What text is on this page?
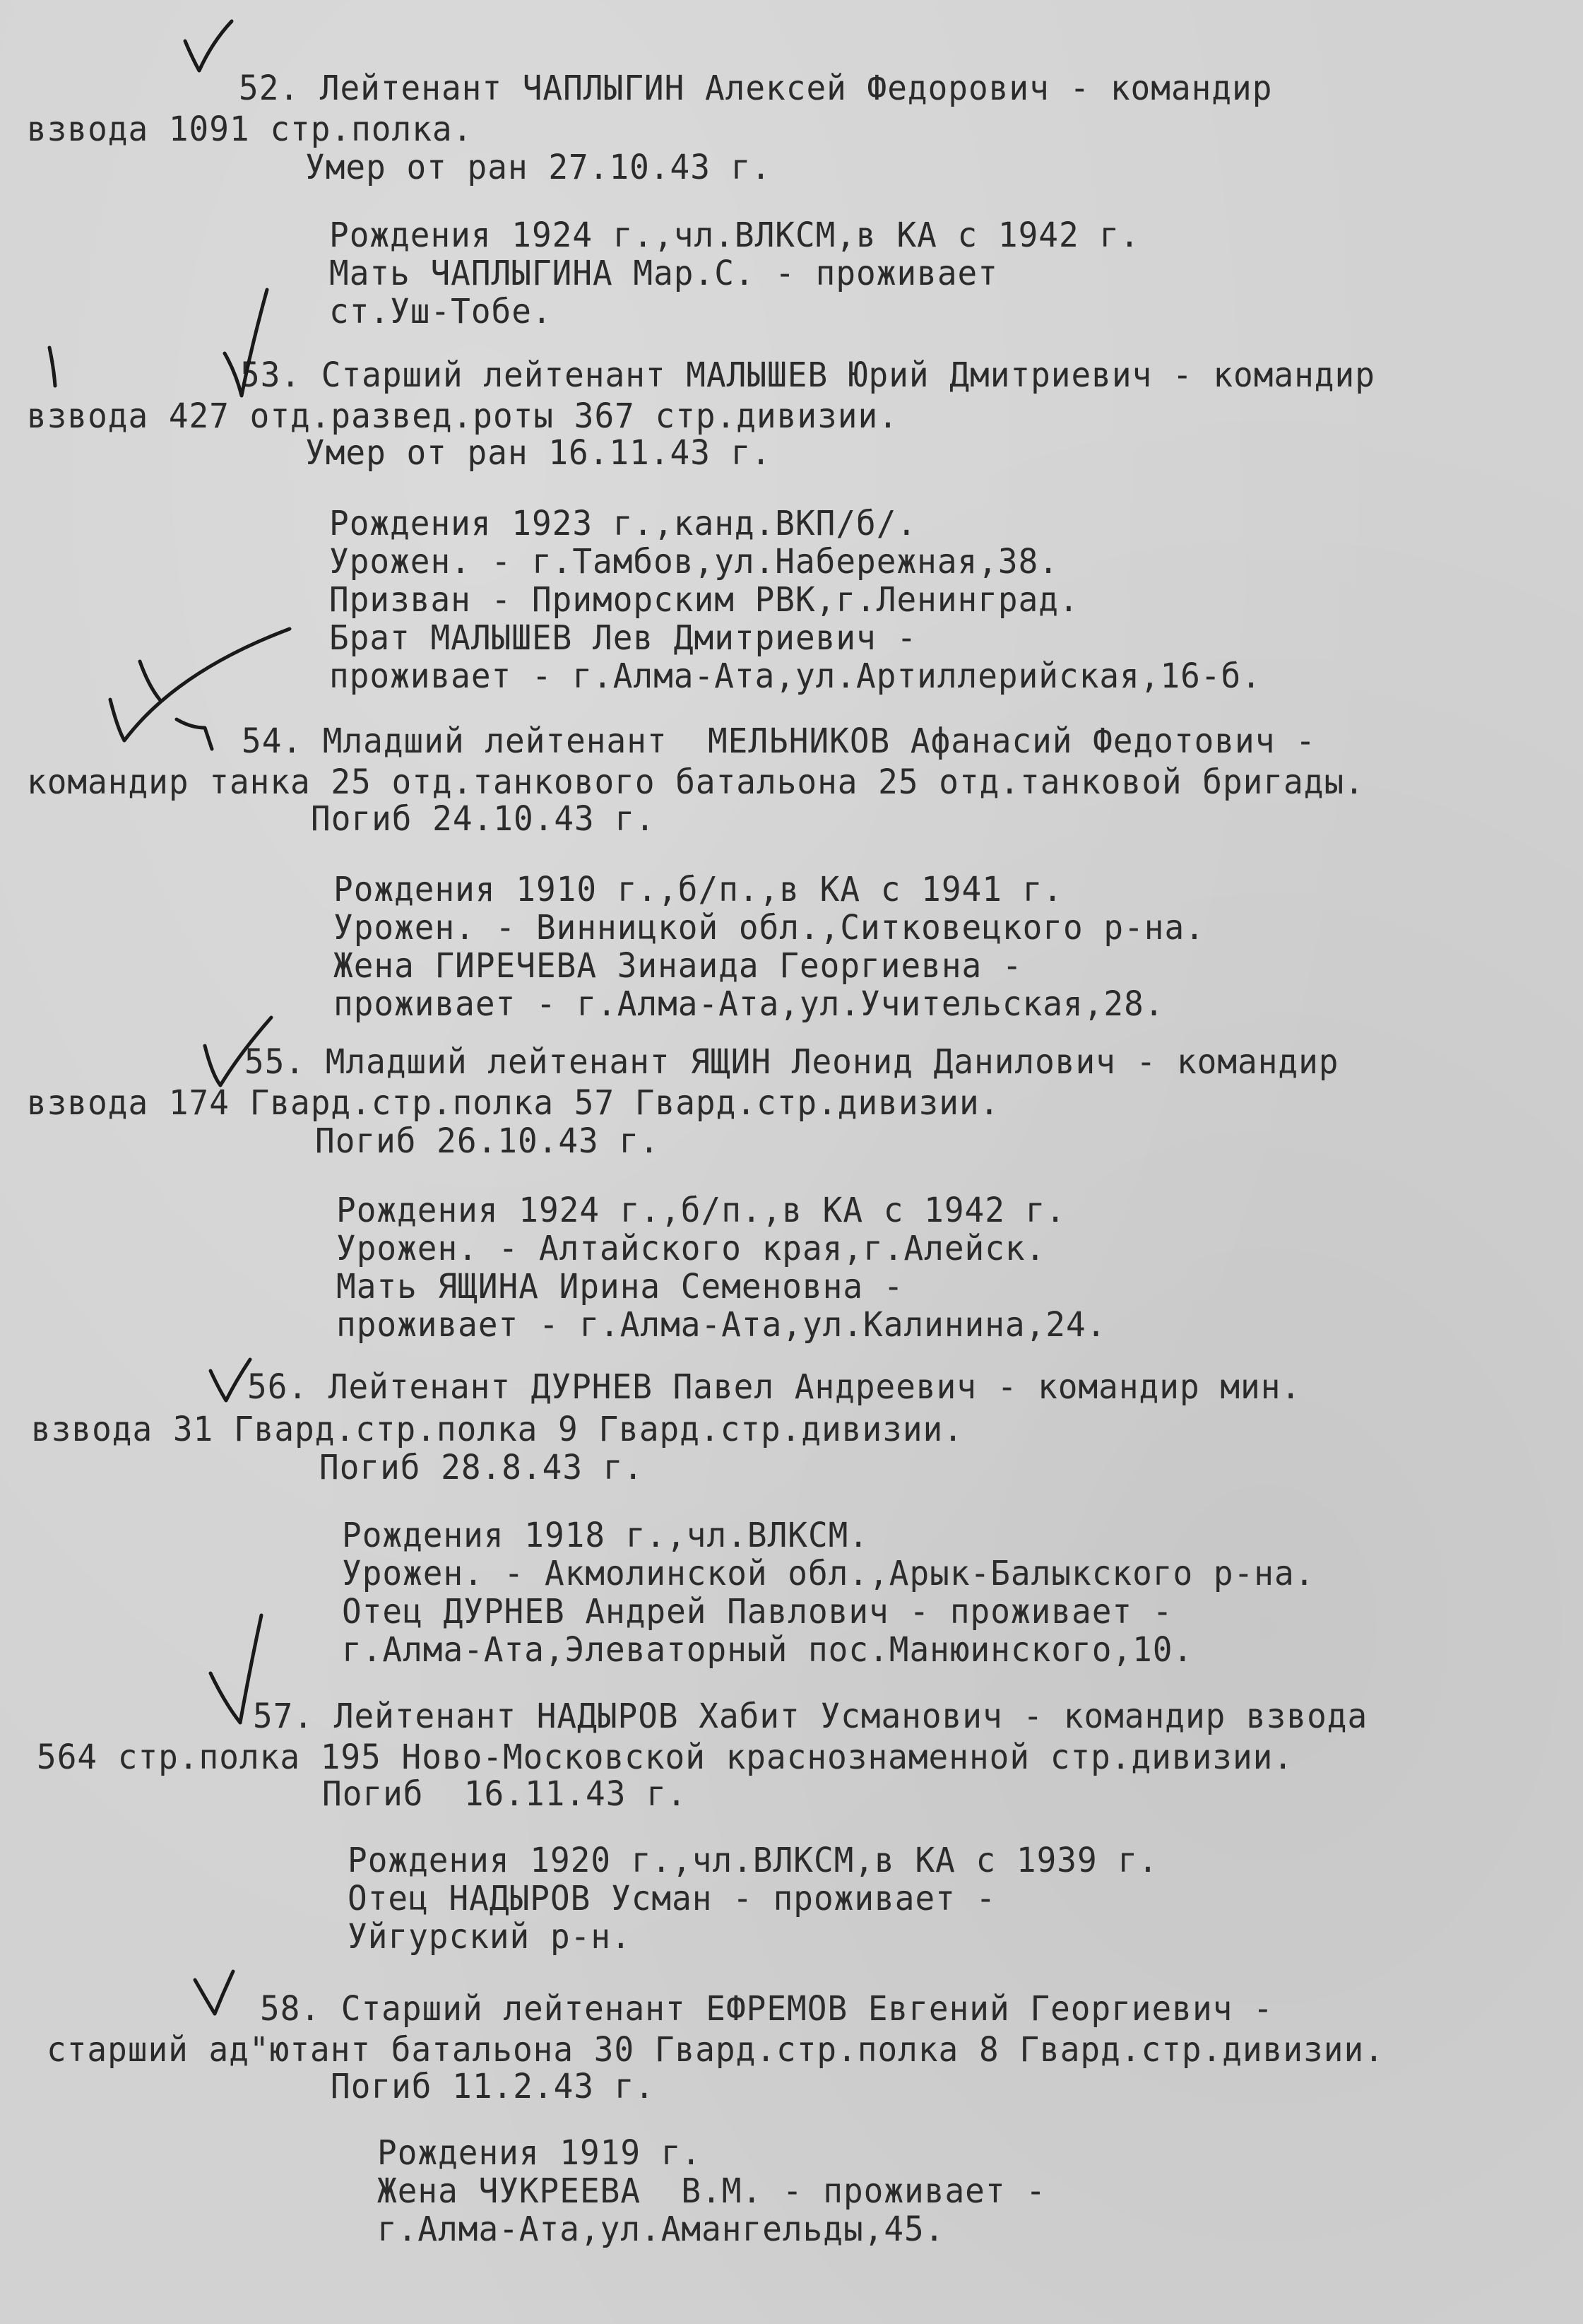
52. Лейтенант ЧАПЛЫГИН Алексей Федорович - командир
взвода 1091 стр.полка.
Умер от ран 27.10.43 г.
Рождения 1924 г.,чл.ВЛКСМ,в КА с 1942 г.
Мать ЧАПЛЫГИНА Мар.С. - проживает
ст.Уш-Тобе.
53. Старший лейтенант МАЛЫШЕВ Юрий Дмитриевич - командир
взвода 427 отд.развед.роты 367 стр.дивизии.
Умер от ран 16.11.43 г.
Рождения 1923 г.,канд.ВКП/б/.
Урожен. - г.Тамбов,ул.Набережная,38.
Призван - Приморским РВК,г.Ленинград.
Брат МАЛЫШЕВ Лев Дмитриевич -
проживает - г.Алма-Ата,ул.Артиллерийская,16-б.
54. Младший лейтенант  МЕЛЬНИКОВ Афанасий Федотович -
командир танка 25 отд.танкового батальона 25 отд.танковой бригады.
Погиб 24.10.43 г.
Рождения 1910 г.,б/п.,в КА с 1941 г.
Урожен. - Винницкой обл.,Ситковецкого р-на.
Жена ГИРЕЧЕВА Зинаида Георгиевна -
проживает - г.Алма-Ата,ул.Учительская,28.
55. Младший лейтенант ЯЩИН Леонид Данилович - командир
взвода 174 Гвард.стр.полка 57 Гвард.стр.дивизии.
Погиб 26.10.43 г.
Рождения 1924 г.,б/п.,в КА с 1942 г.
Урожен. - Алтайского края,г.Алейск.
Мать ЯЩИНА Ирина Семеновна -
проживает - г.Алма-Ата,ул.Калинина,24.
56. Лейтенант ДУРНЕВ Павел Андреевич - командир мин.
взвода 31 Гвард.стр.полка 9 Гвард.стр.дивизии.
Погиб 28.8.43 г.
Рождения 1918 г.,чл.ВЛКСМ.
Урожен. - Акмолинской обл.,Арык-Балыкского р-на.
Отец ДУРНЕВ Андрей Павлович - проживает -
г.Алма-Ата,Элеваторный пос.Манюинского,10.
57. Лейтенант НАДЫРОВ Хабит Усманович - командир взвода
564 стр.полка 195 Ново-Московской краснознаменной стр.дивизии.
Погиб  16.11.43 г.
Рождения 1920 г.,чл.ВЛКСМ,в КА с 1939 г.
Отец НАДЫРОВ Усман - проживает -
Уйгурский р-н.
58. Старший лейтенант ЕФРЕМОВ Евгений Георгиевич -
старший ад"ютант батальона 30 Гвард.стр.полка 8 Гвард.стр.дивизии.
Погиб 11.2.43 г.
Рождения 1919 г.
Жена ЧУКРЕЕВА  В.М. - проживает -
г.Алма-Ата,ул.Амангельды,45.
